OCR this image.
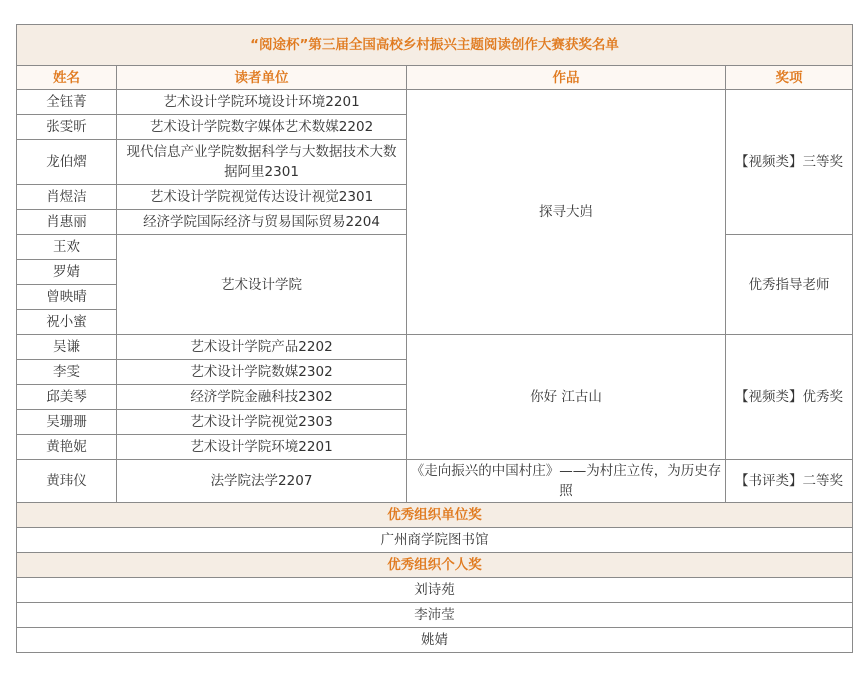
“阅途杯”第三届全国高校乡村振兴主题阅读创作大赛获奖名单			
姓名	读者单位	作品	奖项
全钰菁	艺术设计学院环境设计环境2201	探寻大岿	【视频类】三等奖
张雯昕	艺术设计学院数字媒体艺术数媒2202		
龙伯熠	现代信息产业学院数据科学与大数据技术大数据阿里2301		
肖煜洁	艺术设计学院视觉传达设计视觉2301		
肖惠丽	经济学院国际经济与贸易国际贸易2204		
王欢	艺术设计学院		优秀指导老师
罗婧			
曾映晴			
祝小蜜			
吴谦	艺术设计学院产品2202	你好 江古山	【视频类】优秀奖
李雯	艺术设计学院数媒2302		
邱美琴	经济学院金融科技2302		
吴珊珊	艺术设计学院视觉2303		
黄艳妮	艺术设计学院环境2201		
黄玮仪	法学院法学2207	《走向振兴的中国村庄》——为村庄立传，为历史存照	【书评类】二等奖
优秀组织单位奖			
广州商学院图书馆			
优秀组织个人奖			
刘诗苑			
李沛莹			
姚婧			
